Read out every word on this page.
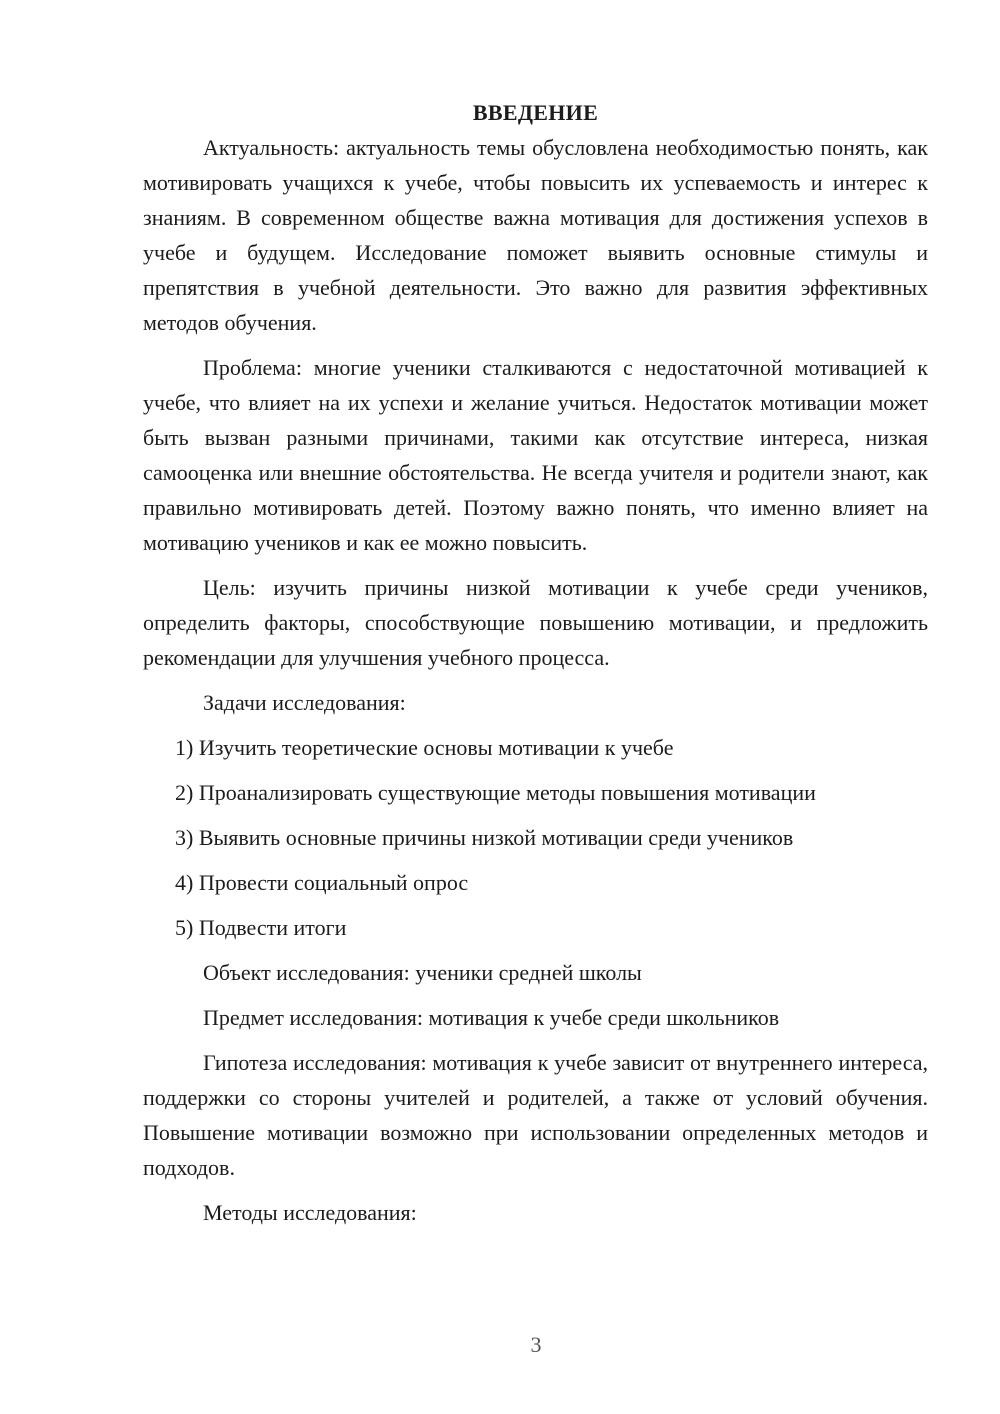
ВВЕДЕНИЕ

Актуальность: актуальность темы обусловлена необходимостью понять, как мотивировать учащихся к учебе, чтобы повысить их успеваемость и интерес к знаниям. В современном обществе важна мотивация для достижения успехов в учебе и будущем. Исследование поможет выявить основные стимулы и препятствия в учебной деятельности. Это важно для развития эффективных методов обучения.

Проблема: многие ученики сталкиваются с недостаточной мотивацией к учебе, что влияет на их успехи и желание учиться. Недостаток мотивации может быть вызван разными причинами, такими как отсутствие интереса, низкая самооценка или внешние обстоятельства. Не всегда учителя и родители знают, как правильно мотивировать детей. Поэтому важно понять, что именно влияет на мотивацию учеников и как ее можно повысить.

Цель: изучить причины низкой мотивации к учебе среди учеников, определить факторы, способствующие повышению мотивации, и предложить рекомендации для улучшения учебного процесса.

Задачи исследования:

1) Изучить теоретические основы мотивации к учебе
2) Проанализировать существующие методы повышения мотивации
3) Выявить основные причины низкой мотивации среди учеников
4) Провести социальный опрос
5) Подвести итоги

Объект исследования: ученики средней школы

Предмет исследования: мотивация к учебе среди школьников

Гипотеза исследования: мотивация к учебе зависит от внутреннего интереса, поддержки со стороны учителей и родителей, а также от условий обучения. Повышение мотивации возможно при использовании определенных методов и подходов.

Методы исследования:

3
